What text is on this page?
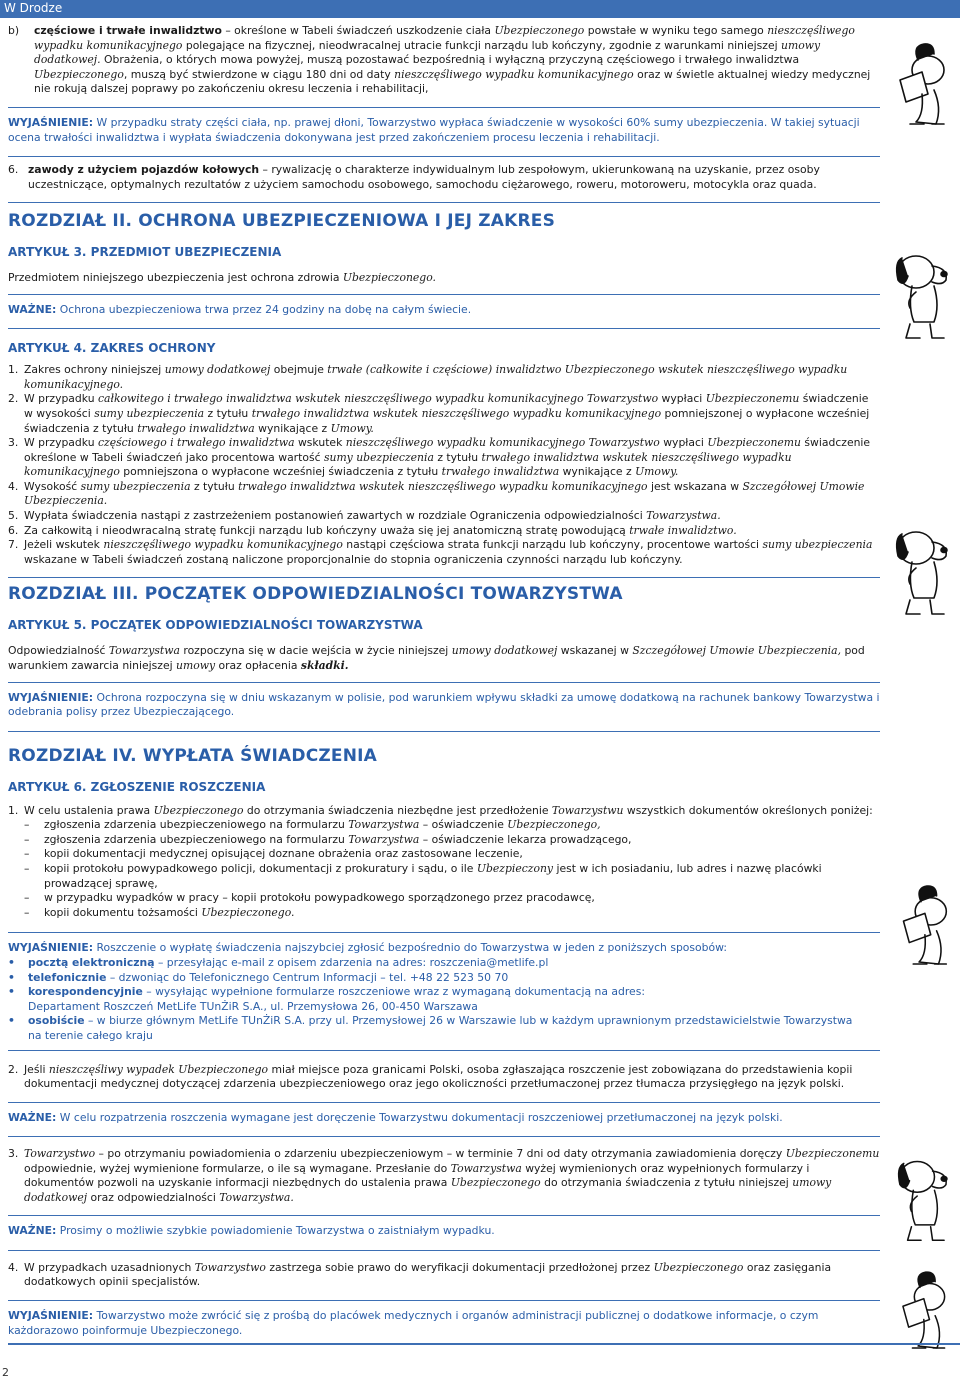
W Drodze
b)	częściowe i trwałe inwalidztwo – określone w Tabeli świadczeń uszkodzenie ciała Ubezpieczonego powstałe w wyniku tego samego nieszczęśliwego wypadku komunikacyjnego polegające na fizycznej, nieodwracalnej utracie funkcji narządu lub kończyny, zgodnie z warunkami niniejszej umowy dodatkowej. Obrażenia, o których mowa powyżej, muszą pozostawać bezpośrednią i wyłączną przyczyną częściowego i trwałego inwalidztwa Ubezpieczonego, muszą być stwierdzone w ciągu 180 dni od daty nieszczęśliwego wypadku komunikacyjnego oraz w świetle aktualnej wiedzy medycznej nie rokują dalszej poprawy po zakończeniu okresu leczenia i rehabilitacji,

WYJAŚNIENIE: W przypadku straty części ciała, np. prawej dłoni, Towarzystwo wypłaca świadczenie w wysokości 60% sumy ubezpieczenia. W takiej sytuacji ocena trwałości inwalidztwa i wypłata świadczenia dokonywana jest przed zakończeniem procesu leczenia i rehabilitacji.

6. zawody z użyciem pojazdów kołowych – rywalizację o charakterze indywidualnym lub zespołowym, ukierunkowaną na uzyskanie, przez osoby uczestniczące, optymalnych rezultatów z użyciem samochodu osobowego, samochodu ciężarowego, roweru, motoroweru, motocykla oraz quada.
ROZDZIAŁ II. OCHRONA UBEZPIECZENIOWA I JEJ ZAKRES
ARTYKUŁ 3. PRZEDMIOT UBEZPIECZENIA

Przedmiotem niniejszego ubezpieczenia jest ochrona zdrowia Ubezpieczonego.

WAŻNE: Ochrona ubezpieczeniowa trwa przez 24 godziny na dobę na całym świecie.

ARTYKUŁ 4. ZAKRES OCHRONY
1. Zakres ochrony niniejszej umowy dodatkowej obejmuje trwałe (całkowite i częściowe) inwalidztwo Ubezpieczonego wskutek nieszczęśliwego wypadku komunikacyjnego.
2. W przypadku całkowitego i trwałego inwalidztwa wskutek nieszczęśliwego wypadku komunikacyjnego Towarzystwo wypłaci Ubezpieczonemu świadczenie w wysokości sumy ubezpieczenia z tytułu trwałego inwalidztwa wskutek nieszczęśliwego wypadku komunikacyjnego pomniejszonej o wypłacone wcześniej świadczenia z tytułu trwałego inwalidztwa wynikające z Umowy.
3. W przypadku częściowego i trwałego inwalidztwa wskutek nieszczęśliwego wypadku komunikacyjnego Towarzystwo wypłaci Ubezpieczonemu świadczenie określone w Tabeli świadczeń jako procentowa wartość sumy ubezpieczenia z tytułu trwałego inwalidztwa wskutek nieszczęśliwego wypadku komunikacyjnego pomniejszona o wypłacone wcześniej świadczenia z tytułu trwałego inwalidztwa wynikające z Umowy.
4. Wysokość sumy ubezpieczenia z tytułu trwałego inwalidztwa wskutek nieszczęśliwego wypadku komunikacyjnego jest wskazana w Szczegółowej Umowie Ubezpieczenia.
5. Wypłata świadczenia nastąpi z zastrzeżeniem postanowień zawartych w rozdziale Ograniczenia odpowiedzialności Towarzystwa.
6. Za całkowitą i nieodwracalną stratę funkcji narządu lub kończyny uważa się jej anatomiczną stratę powodującą trwałe inwalidztwo.
7. Jeżeli wskutek nieszczęśliwego wypadku komunikacyjnego nastąpi częściowa strata funkcji narządu lub kończyny, procentowe wartości sumy ubezpieczenia wskazane w Tabeli świadczeń zostaną naliczone proporcjonalnie do stopnia ograniczenia czynności narządu lub kończyny.
ROZDZIAŁ III. POCZĄTEK ODPOWIEDZIALNOŚCI TOWARZYSTWA
ARTYKUŁ 5. POCZĄTEK ODPOWIEDZIALNOŚCI TOWARZYSTWA

Odpowiedzialność Towarzystwa rozpoczyna się w dacie wejścia w życie niniejszej umowy dodatkowej wskazanej w Szczegółowej Umowie Ubezpieczenia, pod warunkiem zawarcia niniejszej umowy oraz opłacenia składki.

WYJAŚNIENIE: Ochrona rozpoczyna się w dniu wskazanym w polisie, pod warunkiem wpływu składki za umowę dodatkową na rachunek bankowy Towarzystwa i odebrania polisy przez Ubezpieczającego.

ROZDZIAŁ IV. WYPŁATA ŚWIADCZENIA
ARTYKUŁ 6. ZGŁOSZENIE ROSZCZENIA
1. W celu ustalenia prawa Ubezpieczonego do otrzymania świadczenia niezbędne jest przedłożenie Towarzystwu wszystkich dokumentów określonych poniżej:
–	zgłoszenia zdarzenia ubezpieczeniowego na formularzu Towarzystwa – oświadczenie Ubezpieczonego,
–	zgłoszenia zdarzenia ubezpieczeniowego na formularzu Towarzystwa – oświadczenie lekarza prowadzącego,
–	kopii dokumentacji medycznej opisującej doznane obrażenia oraz zastosowane leczenie,
–	kopii protokołu powypadkowego policji, dokumentacji z prokuratury i sądu, o ile Ubezpieczony jest w ich posiadaniu, lub adres i nazwę placówki prowadzącej sprawę,
–	w przypadku wypadków w pracy – kopii protokołu powypadkowego sporządzonego przez pracodawcę,
–	kopii dokumentu tożsamości Ubezpieczonego.

WYJAŚNIENIE: Roszczenie o wypłatę świadczenia najszybciej zgłosić bezpośrednio do Towarzystwa w jeden z poniższych sposobów:

•	pocztą elektroniczną – przesyłając e-mail z opisem zdarzenia na adres: roszczenia@metlife.pl
•	telefonicznie – dzwoniąc do Telefonicznego Centrum Informacji – tel. +48 22 523 50 70
•	korespondencyjnie – wysyłając wypełnione formularze roszczeniowe wraz z wymaganą dokumentacją na adres:
Departament Roszczeń MetLife TUnŻiR S.A., ul. Przemysłowa 26, 00-450 Warszawa
•	osobiście – w biurze głównym MetLife TUnŻiR S.A. przy ul. Przemysłowej 26 w Warszawie lub w każdym uprawnionym przedstawicielstwie Towarzystwa
na terenie całego kraju
2. Jeśli nieszczęśliwy wypadek Ubezpieczonego miał miejsce poza granicami Polski, osoba zgłaszająca roszczenie jest zobowiązana do przedstawienia kopii dokumentacji medycznej dotyczącej zdarzenia ubezpieczeniowego oraz jego okoliczności przetłumaczonej przez tłumacza przysięgłego na język polski.

WAŻNE: W celu rozpatrzenia roszczenia wymagane jest doręczenie Towarzystwu dokumentacji roszczeniowej przetłumaczonej na język polski.

3. Towarzystwo – po otrzymaniu powiadomienia o zdarzeniu ubezpieczeniowym – w terminie 7 dni od daty otrzymania zawiadomienia doręczy Ubezpieczonemu odpowiednie, wyżej wymienione formularze, o ile są wymagane. Przesłanie do Towarzystwa wyżej wymienionych oraz wypełnionych formularzy i dokumentów pozwoli na uzyskanie informacji niezbędnych do ustalenia prawa Ubezpieczonego do otrzymania świadczenia z tytułu niniejszej umowy dodatkowej oraz odpowiedzialności Towarzystwa.

WAŻNE: Prosimy o możliwie szybkie powiadomienie Towarzystwa o zaistniałym wypadku.

4. W przypadkach uzasadnionych Towarzystwo zastrzega sobie prawo do weryfikacji dokumentacji przedłożonej przez Ubezpieczonego oraz zasięgania dodatkowych opinii specjalistów.

WYJAŚNIENIE: Towarzystwo może zwrócić się z prośbą do placówek medycznych i organów administracji publicznej o dodatkowe informacje, o czym każdorazowo poinformuje Ubezpieczonego.

2
